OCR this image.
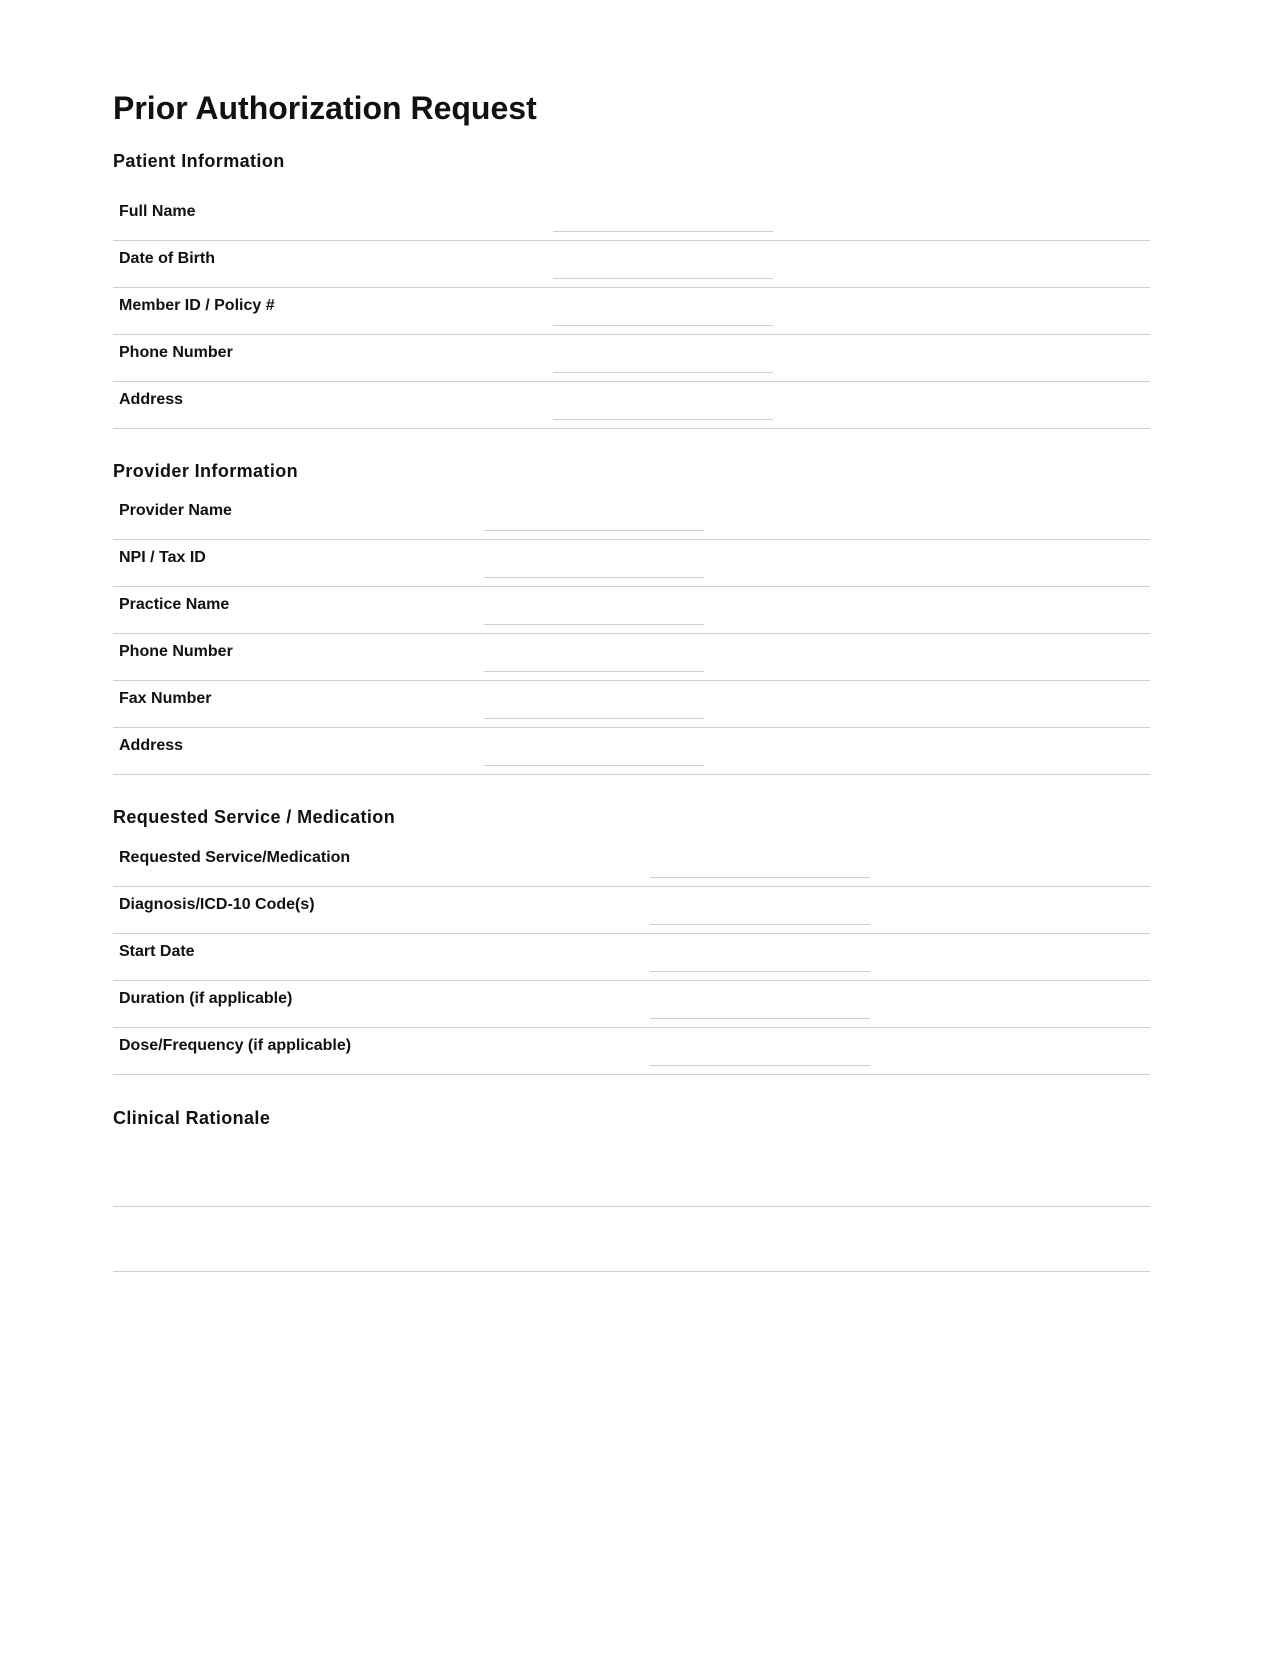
Prior Authorization Request
Patient Information
Full Name
Date of Birth
Member ID / Policy #
Phone Number
Address
Provider Information
Provider Name
NPI / Tax ID
Practice Name
Phone Number
Fax Number
Address
Requested Service / Medication
Requested Service/Medication
Diagnosis/ICD-10 Code(s)
Start Date
Duration (if applicable)
Dose/Frequency (if applicable)
Clinical Rationale
